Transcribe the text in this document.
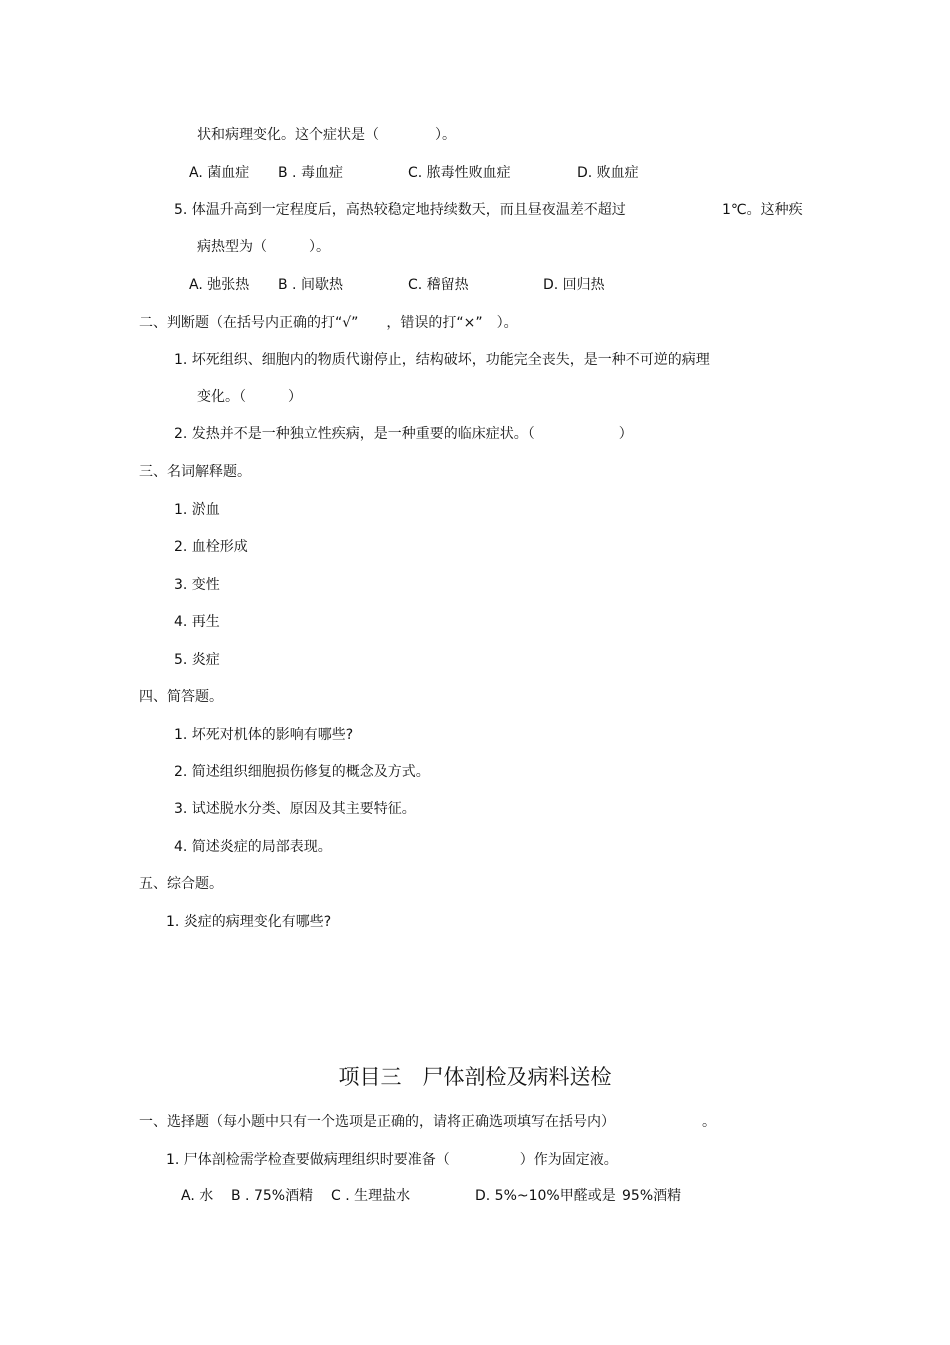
状和病理变化。这个症状是（　　　　）。
A. 菌血症 B . 毒血症	C. 脓毒性败血症	D. 败血症
5. 体温升高到一定程度后，高热较稳定地持续数天，而且昼夜温差不超过	1℃。这种疾
病热型为（　　　）。
A. 弛张热 B . 间歇热	C. 稽留热	D. 回归热
二、判断题（在括号内正确的打“√”　　，错误的打“×”　）。
1. 坏死组织、细胞内的物质代谢停止，结构破坏，功能完全丧失，是一种不可逆的病理
变化。（　　　）
2. 发热并不是一种独立性疾病，是一种重要的临床症状。（　　　　　　）
三、名词解释题。
1. 淤血
2. 血栓形成
3. 变性
4. 再生
5. 炎症
四、简答题。
1. 坏死对机体的影响有哪些?
2. 简述组织细胞损伤修复的概念及方式。
3. 试述脱水分类、原因及其主要特征。
4. 简述炎症的局部表现。
五、综合题。
1. 炎症的病理变化有哪些?
项目三　尸体剖检及病料送检
一、选择题（每小题中只有一个选项是正确的，请将正确选项填写在括号内）	。
1. 尸体剖检需学检查要做病理组织时要准备（　　　　　）作为固定液。
A. 水 B . 75%酒精 C . 生理盐水	D. 5%~10%甲醛或是 95%酒精
